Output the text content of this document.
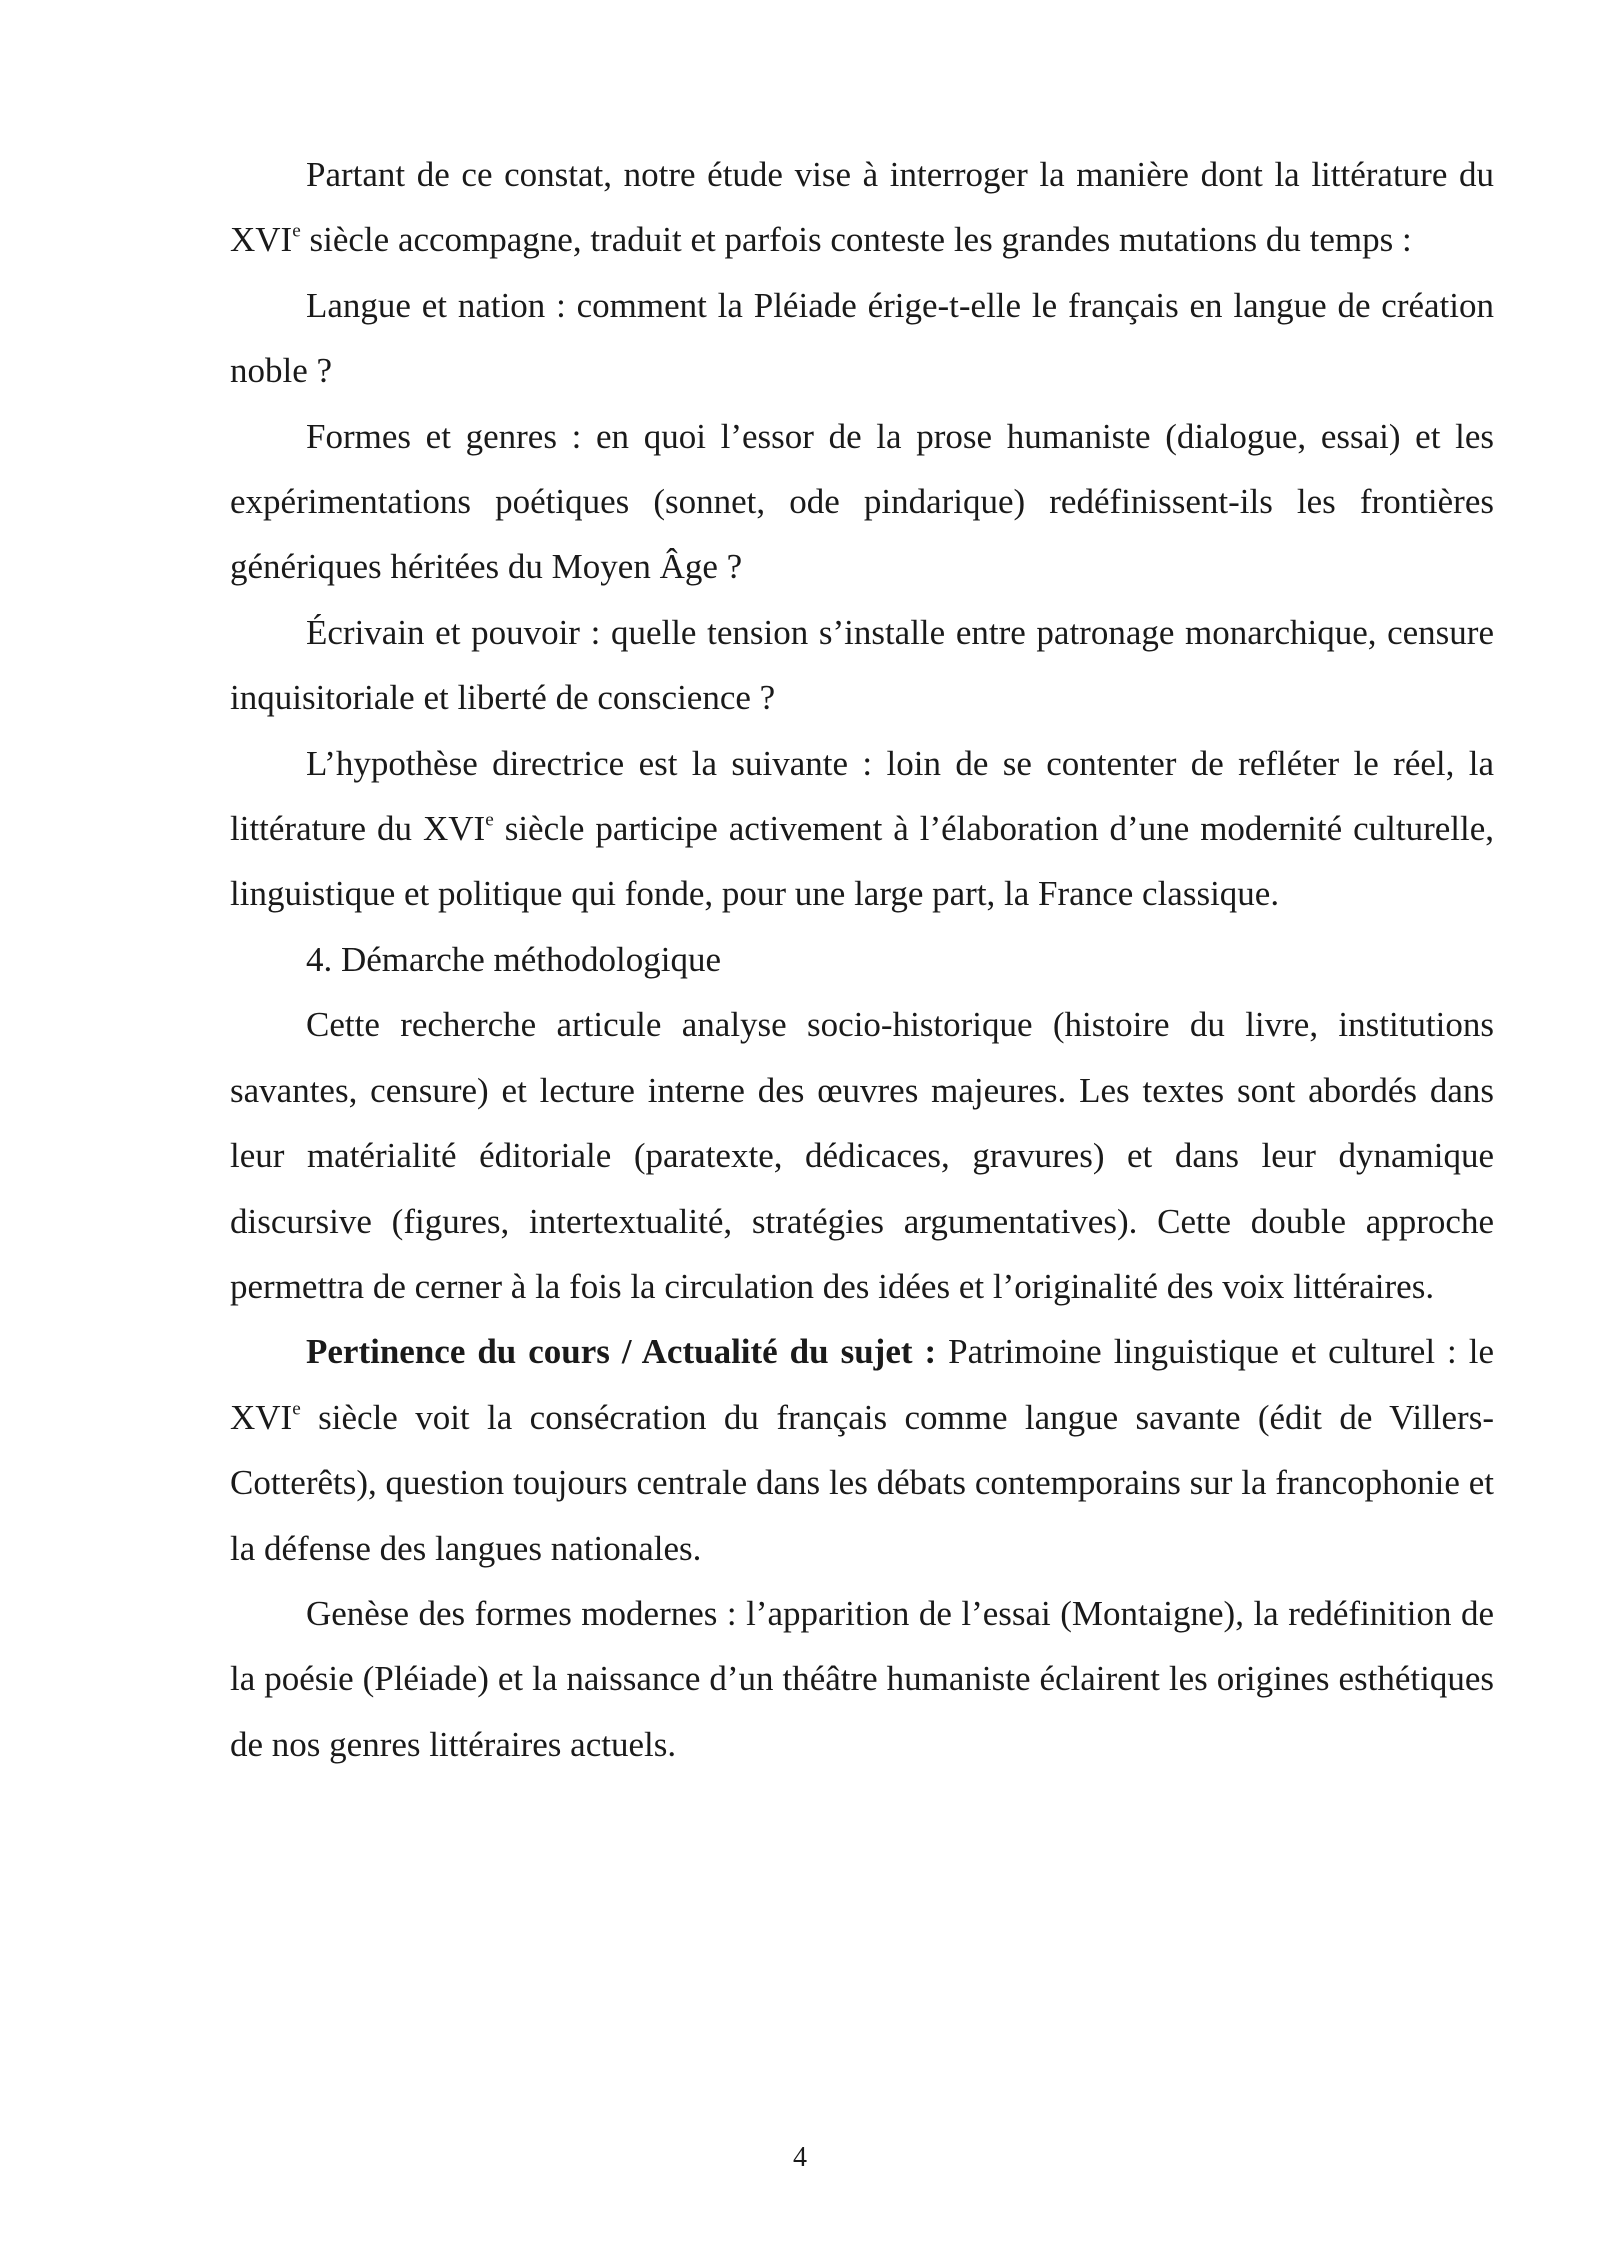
Partant de ce constat, notre étude vise à interroger la manière dont la littérature du XVIe siècle accompagne, traduit et parfois conteste les grandes mutations du temps :

Langue et nation : comment la Pléiade érige-t-elle le français en langue de création noble ?

Formes et genres : en quoi l’essor de la prose humaniste (dialogue, essai) et les expérimentations poétiques (sonnet, ode pindarique) redéfinissent-ils les frontières génériques héritées du Moyen Âge ?

Écrivain et pouvoir : quelle tension s’installe entre patronage monarchique, censure inquisitoriale et liberté de conscience ?

L’hypothèse directrice est la suivante : loin de se contenter de refléter le réel, la littérature du XVIe siècle participe activement à l’élaboration d’une modernité culturelle, linguistique et politique qui fonde, pour une large part, la France classique.

4. Démarche méthodologique

Cette recherche articule analyse socio-historique (histoire du livre, institutions savantes, censure) et lecture interne des œuvres majeures. Les textes sont abordés dans leur matérialité éditoriale (paratexte, dédicaces, gravures) et dans leur dynamique discursive (figures, intertextualité, stratégies argumentatives). Cette double approche permettra de cerner à la fois la circulation des idées et l’originalité des voix littéraires.

Pertinence du cours / Actualité du sujet : Patrimoine linguistique et culturel : le XVIe siècle voit la consécration du français comme langue savante (édit de Villers-Cotterêts), question toujours centrale dans les débats contemporains sur la francophonie et la défense des langues nationales.

Genèse des formes modernes : l’apparition de l’essai (Montaigne), la redéfinition de la poésie (Pléiade) et la naissance d’un théâtre humaniste éclairent les origines esthétiques de nos genres littéraires actuels.

4
